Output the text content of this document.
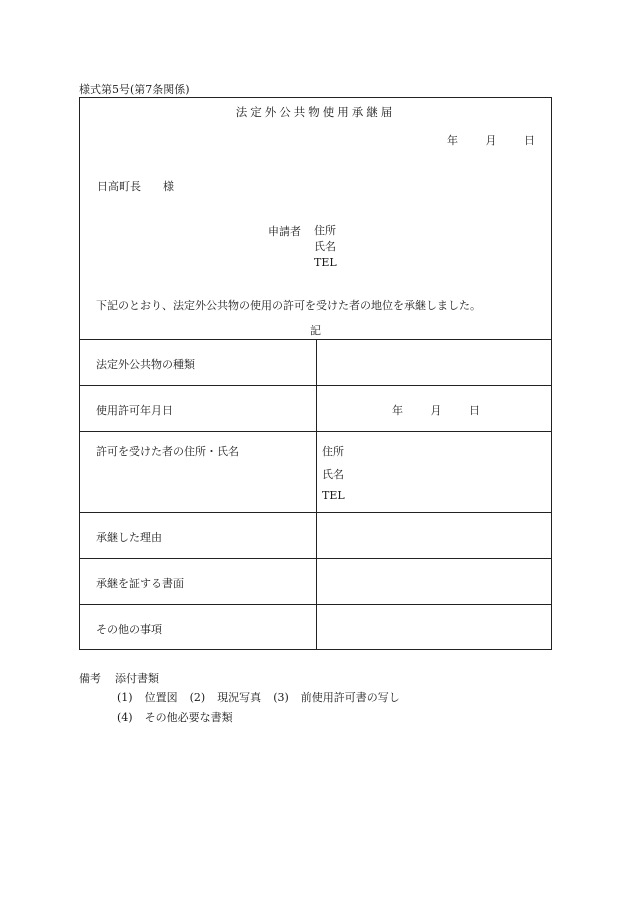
様式第5号(第7条関係)
法定外公共物使用承継届
年	月	日
日高町長 様
申請者 住所
氏名
TEL
下記のとおり、法定外公共物の使用の許可を受けた者の地位を承継しました。
記
法定外公共物の種類
使用許可年月日	年	月	日
許可を受けた者の住所・氏名	住所
氏名
TEL
承継した理由
承継を証する書面
その他の事項
備考 添付書類
(1) 位置図 (2) 現況写真 (3) 前使用許可書の写し
(4) その他必要な書類
